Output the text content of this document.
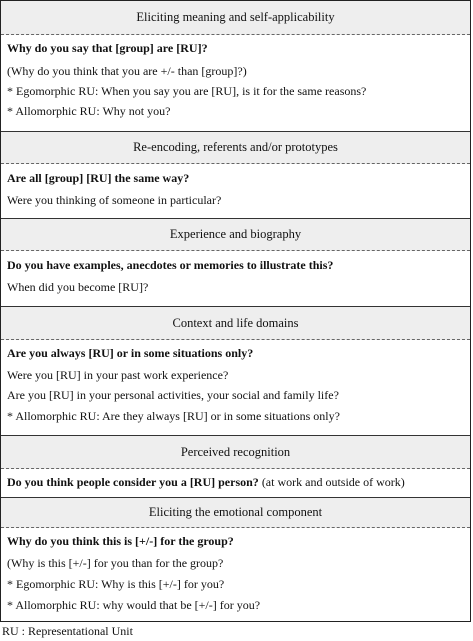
Eliciting meaning and self-applicability
Why do you say that [group] are [RU]?
(Why do you think that you are +/- than [group]?)
* Egomorphic RU: When you say you are [RU], is it for the same reasons?
* Allomorphic RU: Why not you?
Re-encoding, referents and/or prototypes
Are all [group] [RU] the same way?
Were you thinking of someone in particular?
Experience and biography
Do you have examples, anecdotes or memories to illustrate this?
When did you become [RU]?
Context and life domains
Are you always [RU] or in some situations only?
Were you [RU] in your past work experience?
Are you [RU] in your personal activities, your social and family life?
* Allomorphic RU: Are they always [RU] or in some situations only?
Perceived recognition
Do you think people consider you a [RU] person? (at work and outside of work)
Eliciting the emotional component
Why do you think this is [+/-] for the group?
(Why is this [+/-] for you than for the group?
* Egomorphic RU: Why is this [+/-] for you?
* Allomorphic RU: why would that be [+/-] for you?
RU : Representational Unit
